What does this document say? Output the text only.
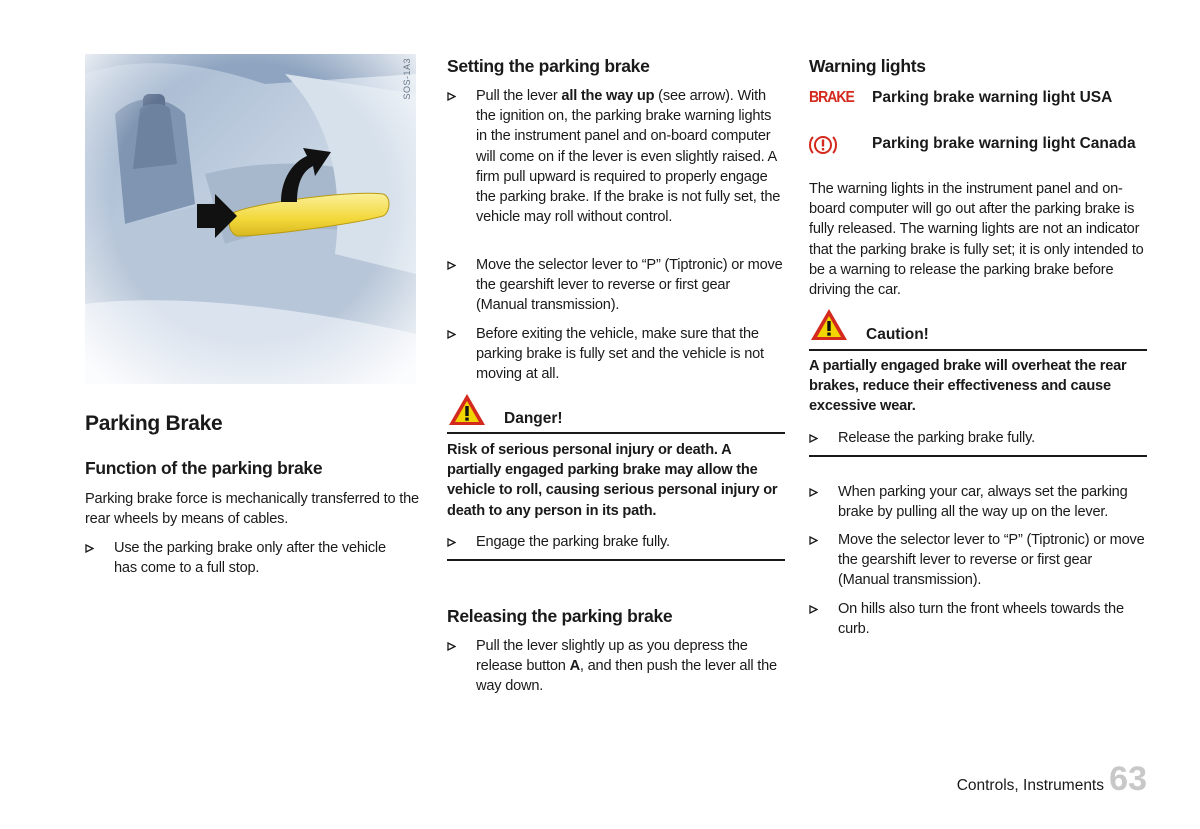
SOS-1A3
Parking Brake
Function of the parking brake
Parking brake force is mechanically transferred to the rear wheels by means of cables.
Use the parking brake only after the vehicle has come to a full stop.
Setting the parking brake
Pull the lever all the way up (see arrow). With the ignition on, the parking brake warning lights in the instrument panel and on-board computer will come on if the lever is even slightly raised. A firm pull upward is required to properly engage the parking brake. If the brake is not fully set, the vehicle may roll without control.
Move the selector lever to “P” (Tiptronic) or move the gearshift lever to reverse or first gear (Manual transmission).
Before exiting the vehicle, make sure that the parking brake is fully set and the vehicle is not moving at all.
Danger!
Risk of serious personal injury or death. A partially engaged parking brake may allow the vehicle to roll, causing serious personal injury or death to any person in its path.
Engage the parking brake fully.
Releasing the parking brake
Pull the lever slightly up as you depress the release button A, and then push the lever all the way down.
Warning lights
BRAKE Parking brake warning light USA
Parking brake warning light Canada
The warning lights in the instrument panel and on-board computer will go out after the parking brake is fully released. The warning lights are not an indicator that the parking brake is fully set; it is only intended to be a warning to release the parking brake before driving the car.
Caution!
A partially engaged brake will overheat the rear brakes, reduce their effectiveness and cause excessive wear.
Release the parking brake fully.
When parking your car, always set the parking brake by pulling all the way up on the lever.
Move the selector lever to “P” (Tiptronic) or move the gearshift lever to reverse or first gear (Manual transmission).
On hills also turn the front wheels towards the curb.
Controls, Instruments 63
